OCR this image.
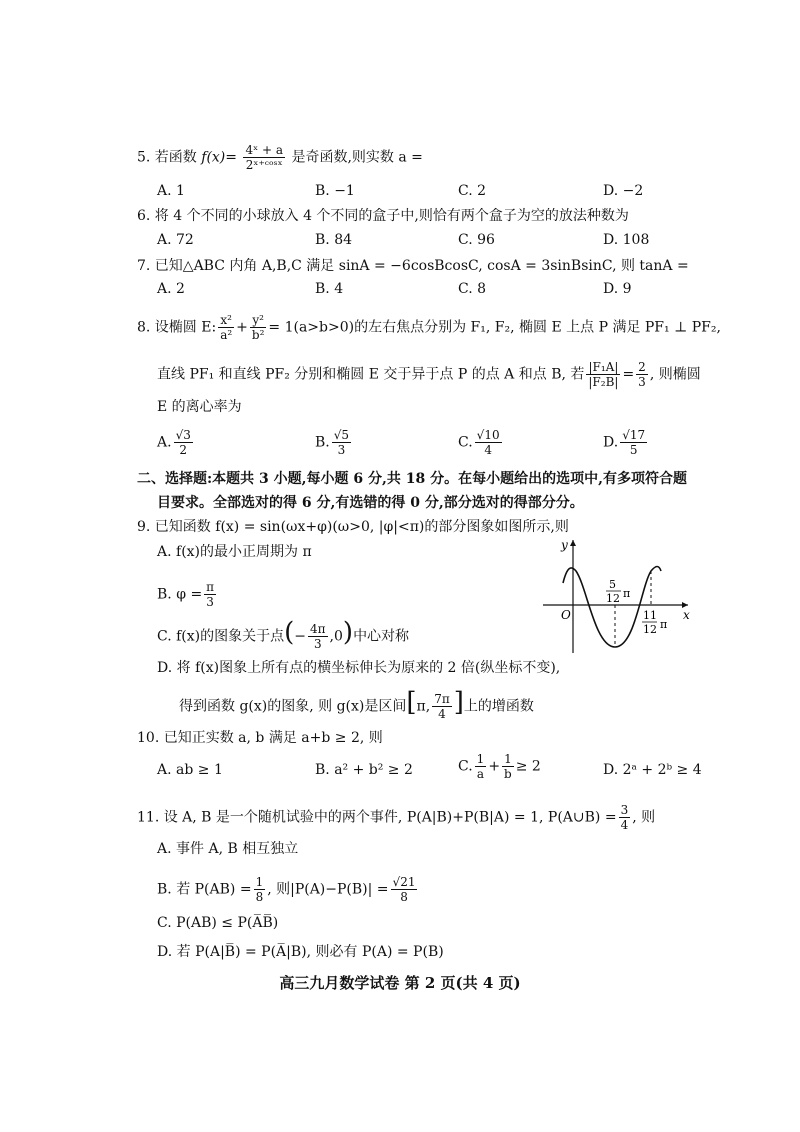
5. 若函数 $f(x)= \frac{\text{4ˣ + a}}{\text{2ˣ⁺ᶜᵒˢˣ}}$ 是奇函数,则实数 a =
A. 1	B. −1	C. 2	D. −2
6. 将 4 个不同的小球放入 4 个不同的盒子中,则恰有两个盒子为空的放法种数为
A. 72	B. 84	C. 96	D. 108
7. 已知△ABC 内角 A,B,C 满足 sinA = −6cosBcosC, cosA = 3sinBsinC, 则 tanA =
A. 2	B. 4	C. 8	D. 9
8. 设椭圆 E: $\frac{\text{x²}}{\text{a²}} + \frac{\text{y²}}{\text{b²}} = 1(a>b>0)$的左右焦点分别为 F₁, F₂, 椭圆 E 上点 P 满足 PF₁ ⊥ PF₂,
直线 PF₁ 和直线 PF₂ 分别和椭圆 E 交于异于点 P 的点 A 和点 B, 若 $\frac{\text{|F₁A|}}{\text{|F₂B|}} = \frac{2}{3}$ , 则椭圆
E 的离心率为
A. $\frac{√3}{2}$	B. $\frac{√5}{3}$	C. $\frac{√10}{4}$	D. $\frac{√17}{5}$
二、选择题:本题共 3 小题,每小题 6 分,共 18 分。在每小题给出的选项中,有多项符合题
目要求。全部选对的得 6 分,有选错的得 0 分,部分选对的得部分分。
9. 已知函数 f(x) = sin(ωx+φ)(ω>0, |φ|<π)的部分图象如图所示,则
A. f(x)的最小正周期为 π
B. $\varphi = \frac{\pi}{3}$
C. f(x)的图象关于点(− $\frac{4\pi}{3} ,0$)中心对称
D. 将 f(x)图象上所有点的横坐标伸长为原来的 2 倍(纵坐标不变),
得到函数 g(x)的图象, 则 g(x)是区间[π, $\frac{7\pi}{4}$ ]上的增函数
y
x
O
5
12 π
11
12 π
10. 已知正实数 a, b 满足 a+b ≥ 2, 则
A. ab ≥ 1	B. a² + b² ≥ 2	C. $\frac{1}{a} + \frac{1}{b} \ge 2$	D. 2ᵃ + 2ᵇ ≥ 4
11. 设 A, B 是一个随机试验中的两个事件, P(A|B)+P(B|A) = 1, P(A∪B) = $\frac{3}{4}$ , 则
A. 事件 A, B 相互独立
B. 若 $P(AB) = \frac{1}{8}$ , 则$|P(A)-P(B)| = \frac{√21}{8}$
C. P(AB) ≤ P(A̅B̅)
D. 若 P(A|B̅) = P(A̅|B), 则必有 P(A) = P(B)
高三九月数学试卷 第 2 页(共 4 页)
